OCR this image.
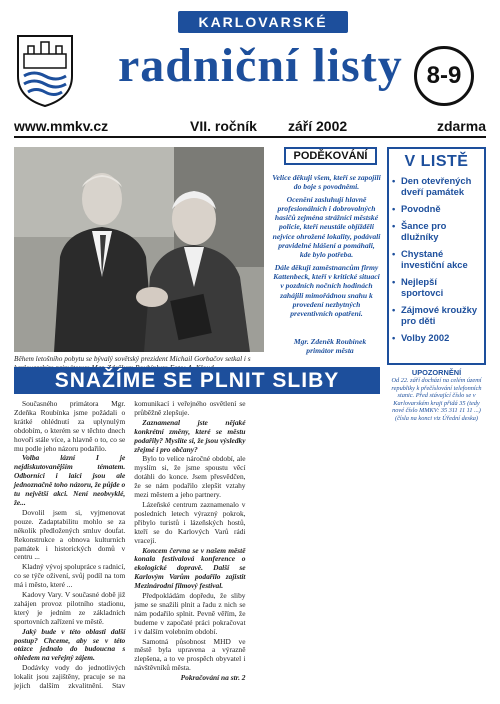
KARLOVARSKÉ
radniční listy 8-9
www.mmkv.cz	VII. ročník září 2002	zdarma
Během letošního pobytu se bývalý sovětský prezident Michail Gorbačov setkal i s
PODĚKOVÁNÍ

Velice děkuji všem, kteří se zapojili do boje s povodněmi.

Ocenění zasluhují hlavně profesionálních i dobrovolných hasičů zejména strážníci městské policie, kteří neustále objížděli nejvíce ohrožené lokality, podávali pravidelné hlášení a pomáhali, kde bylo potřeba.

Dále děkuji zaměstnancům firmy Kattenbeck, kteří v kritické situaci v pozdních nočních hodinách zahájili mimořádnou snahu k provedení nezbytných preventivních opatření.

Mgr. Zdeněk Roubínek
primátor města
V LISTĚ
• Den otevřených dveří památek
• Povodně
• Šance pro dlužníky
• Chystané investiční akce
• Nejlepší sportovci
• Zájmové kroužky pro děti
• Volby 2002
UPOZORNĚNÍ
Od 22. září dochází na celém území republiky k přečíslování telefonních stanic. Před stávající číslo se v Karlovarském kraji přidá 35 (tedy nové číslo MMKV: 35 311 11 11 ...) (čísla na konci viz Úřední deska)
SNAŽÍME SE PLNIT SLIBY

Současného primátora Mgr. Zdeňka Roubínka jsme požádali o krátké ohlédnutí za uplynulým obdobím, o kterém se v těchto dnech hovoří stále více, a hlavně o to, co se mu podle jeho názoru podařilo.

Volba lázní I je nejdiskutovanějším tématem. Odborníci i laici jsou ale jednoznačně toho názoru, že půjde o tu největší akci. Není neobvyklé, že...

Dovolil jsem si, vyjmenovat pouze. Zadaptabilitu mohlo se za několik předložených smluv doufat. Rekonstrukce a obnova kulturních památek i historických domů v centru ...

Kladný vývoj spolupráce s radnicí, co se týče oživení, svůj podíl na tom má i město, které ...

Kadovy Vary. V současné době již zahájen provoz pilotního stadionu, který je jedním ze základních sportovních zařízení ve městě.

Jaký bude v této oblasti další postup? Chceme, aby se v této otázce jednalo do budoucna s ohledem na veřejný zájem.

Dodávky vody do jednotlivých lokalit jsou zajištěny, pracuje se na jejich dalším zkvalitnění. Stav komunikací i veřejného osvětlení se průběžně zlepšuje.

Zaznamenal jste nějaké konkrétní změny, které se městu podařily? Myslíte si, že jsou výsledky zřejmé i pro občany?

Bylo to velice náročné období, ale myslím si, že jsme spoustu věcí dotáhli do konce. Jsem přesvědčen, že se nám podařilo zlepšit vztahy mezi městem a jeho partnery.

Lázeňské centrum zaznamenalo v posledních letech výrazný pokrok, přibylo turistů i lázeňských hostů, kteří se do Karlových Varů rádi vracejí.

Koncem června se v našem městě konala festivalová konference o ekologické dopravě. Další se Karlovým Varům podařilo zajistit Mezinárodní filmový festival.

Předpokládám dopředu, že sliby jsme se snažili plnit a řadu z nich se nám podařilo splnit. Pevně věřím, že budeme v započaté práci pokračovat i v dalším volebním období.

Samotná působnost MHD ve městě byla upravena a výrazně zlepšena, a to ve prospěch obyvatel i návštěvníků města.

Pokračování na str. 2
